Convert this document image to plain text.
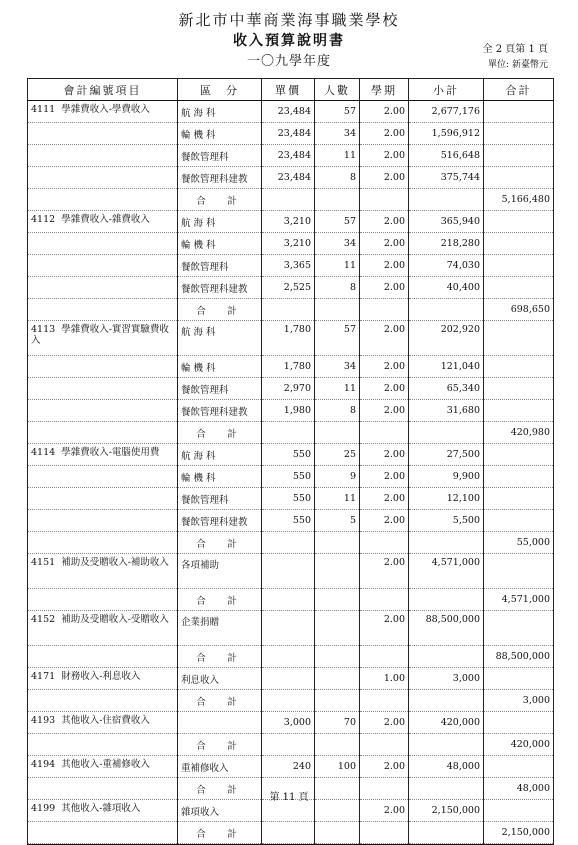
新北市中華商業海事職業學校
收入預算說明書
一〇九學年度
全 2 頁第 1 頁
單位: 新臺幣元
會計編號項目	區　分	單價	人數	學期	小計	合計
4111 學雜費收入-學費收入	航 海 科	23,484	57	2.00	2,677,176	
	輪 機 科	23,484	34	2.00	1,596,912	
	餐飲管理科	23,484	11	2.00	516,648	
	餐飲管理科建教	23,484	8	2.00	375,744	
	合　計					5,166,480
4112 學雜費收入-雜費收入	航 海 科	3,210	57	2.00	365,940	
	輪 機 科	3,210	34	2.00	218,280	
	餐飲管理科	3,365	11	2.00	74,030	
	餐飲管理科建教	2,525	8	2.00	40,400	
	合　計					698,650
4113 學雜費收入-實習實驗費收入	航 海 科	1,780	57	2.00	202,920	
	輪 機 科	1,780	34	2.00	121,040	
	餐飲管理科	2,970	11	2.00	65,340	
	餐飲管理科建教	1,980	8	2.00	31,680	
	合　計					420,980
4114 學雜費收入-電腦使用費	航 海 科	550	25	2.00	27,500	
	輪 機 科	550	9	2.00	9,900	
	餐飲管理科	550	11	2.00	12,100	
	餐飲管理科建教	550	5	2.00	5,500	
	合　計					55,000
4151 補助及受贈收入-補助收入	各項補助			2.00	4,571,000	
	合　計					4,571,000
4152 補助及受贈收入-受贈收入	企業捐贈			2.00	88,500,000	
	合　計					88,500,000
4171 財務收入-利息收入	利息收入			1.00	3,000	
	合　計					3,000
4193 其他收入-住宿費收入		3,000	70	2.00	420,000	
	合　計					420,000
4194 其他收入-重補修收入	重補修收入	240	100	2.00	48,000	
	合　計					48,000
4199 其他收入-雜項收入	雜項收入			2.00	2,150,000	
	合　計					2,150,000

第 11 頁
